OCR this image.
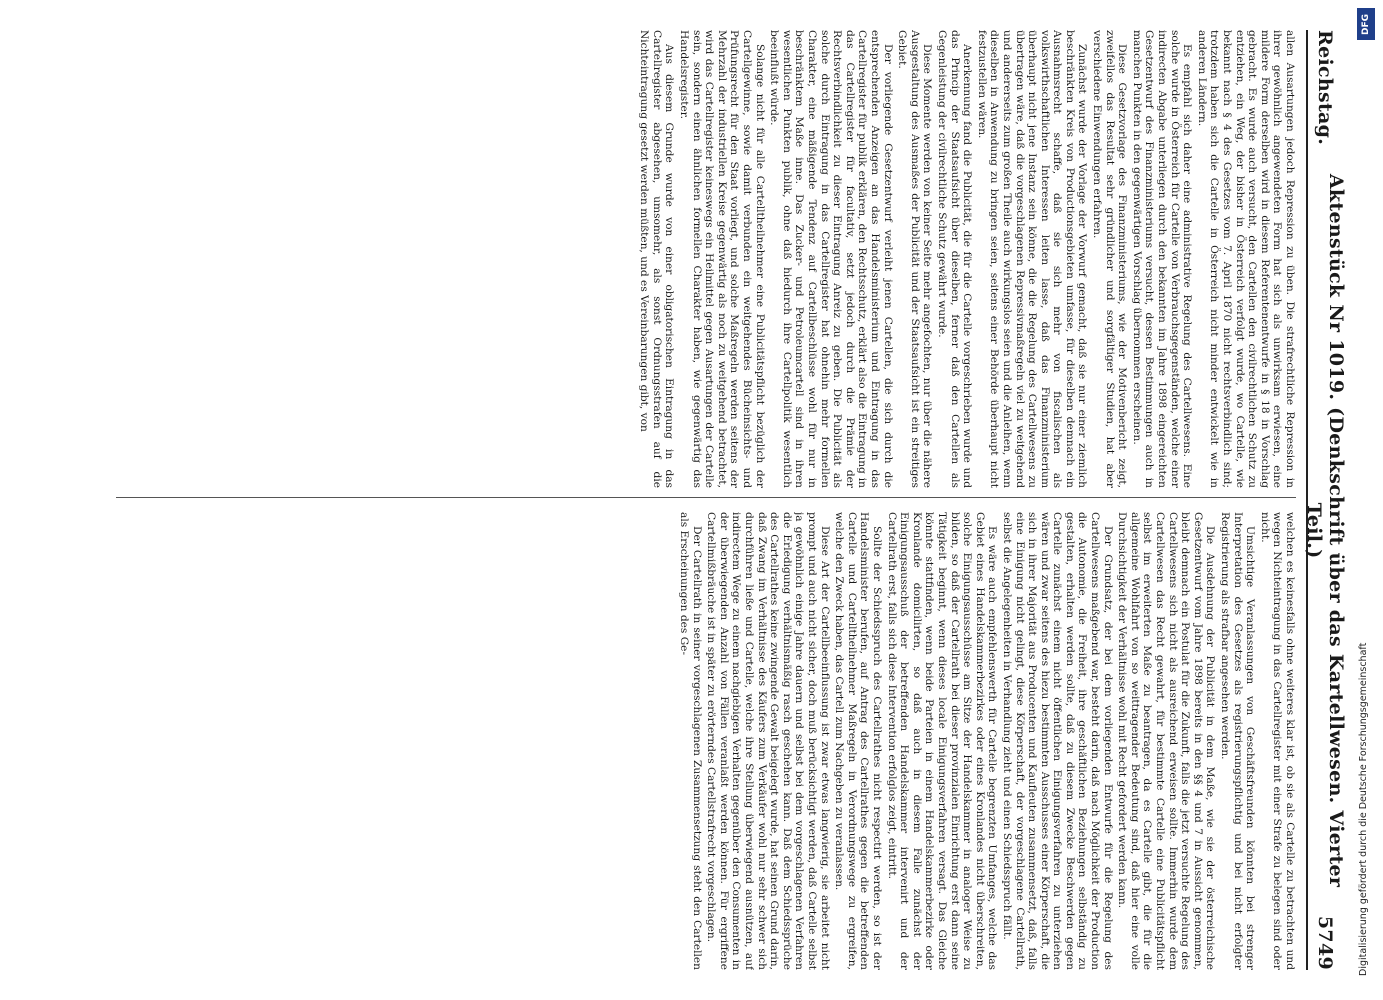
Reichstag.
Aktenstück Nr 1019. (Denkschrift über das Kartellwesen. Vierter Teil.)
5749

allen Ausartungen jedoch Repression zu üben. Die strafrechtliche Repression in ihrer gewöhnlich angewendeten Form hat sich als unwirksam erwiesen, eine mildere Form derselben wird in diesem Referentenentwurfe in § 18 in Vorschlag gebracht. Es wurde auch versucht, den Cartellen den civilrechtlichen Schutz zu entziehen, ein Weg, der bisher in Österreich verfolgt wurde, wo Cartelle, wie bekannt nach § 4 des Gesetzes vom 7. April 1870 nicht rechtsverbindlich sind; trotzdem haben sich die Cartelle in Österreich nicht minder entwickelt wie in anderen Ländern.

Es empfahl sich daher eine administrative Regelung des Cartellwesens. Eine solche wurde in Österreich für Cartelle von Verbrauchsgegenständen, welche einer indirecten Abgabe unterliegen durch den bekannten im Jahre 1898 eingereichten Gesetzentwurf des Finanzministeriums versucht, dessen Bestimmungen auch in manchen Punkten in den gegenwärtigen Vorschlag übernommen erscheinen.

Diese Gesetzvorlage des Finanzministeriums, wie der Motivenbericht zeigt, zweifellos das Resultat sehr gründlicher und sorgfältiger Studien, hat aber verschiedene Einwendungen erfahren.

Zunächst wurde der Vorlage der Vorwurf gemacht, daß sie nur einer ziemlich beschränkten Kreis von Productionsgebieten umfasse, für dieselben demnach ein Ausnahmsrecht schaffe, daß sie sich mehr von fiscalischen als volkswirthschaftlichen Interessen leiten lasse, daß das Finanzministerium überhaupt nicht jene Instanz sein könne, die die Regelung des Cartellwesens zu übertragen wäre, daß die vorgeschlagenen Repressivmaßregeln viel zu weitgehend und andererseits zum großen Theile auch wirkungslos seien und die Anleihen, wenn dieselben in Anwendung zu bringen seien, seitens einer Behörde überhaupt nicht festzustellen wären.

Anerkennung fand die Publicität, die für die Cartelle vorgeschrieben wurde und das Princip der Staatsaufsicht über dieselben, ferner daß den Cartellen als Gegenleistung der civilrechtliche Schutz gewährt wurde.

Diese Momente werden von keiner Seite mehr angefochten, nur über die nähere Ausgestaltung des Ausmaßes der Publicität und der Staatsaufsicht ist ein streitiges Gebiet.

Der vorliegende Gesetzentwurf verleiht jenen Cartellen, die sich durch die entsprechenden Anzeigen an das Handelsministerium und Eintragung in das Cartellregister für publik erklären, den Rechtsschutz, erklärt also die Eintragung in das Cartellregister für facultativ, setzt jedoch durch die Prämie der Rechtsverbindlichkeit zu dieser Eintragung Anreiz zu geben. Die Publicität als solche durch Eintragung in das Cartellregister hat ohnehin mehr formellen Charakter, eine mäßigende Tendenz auf Cartellbeschlüsse wohl für nur in beschränktem Maße inne. Das Zucker- und Petroleumcartell sind in ihren wesentlichen Punkten publik, ohne daß hiedurch ihre Cartellpolitik wesentlich beeinflußt würde.

Solange nicht für alle Cartelltheilnehmer eine Publicitätspflicht bezüglich der Cartellgewinne, sowie damit verbunden ein weitgehendes Bücheinsichts- und Prüfungsrecht für den Staat vorliegt, und solche Maßregeln werden seitens der Mehrzahl der industriellen Kreise gegenwärtig als noch zu weitgehend betrachtet, wird das Cartellregister keineswegs ein Heilmittel gegen Ausartungen der Cartelle sein, sondern einen ähnlichen formellen Charakter haben, wie gegenwärtig das Handelsregister.

Aus diesem Grunde wurde von einer obligatorischen Eintragung in das Cartellregister abgesehen, umsomehr, als sonst Ordnungsstrafen auf die Nichteintragung gesetzt werden müßten, und es Vereinbarungen gibt, von

welchen es keinesfalls ohne weiteres klar ist, ob sie als Cartelle zu betrachten und wegen Nichteintragung in das Cartellregister mit einer Strafe zu belegen sind oder nicht.

Umsichtige Veranlassungen von Geschäftsfreunden könnten bei strenger Interpretation des Gesetzes als registrierungspflichtig und bei nicht erfolgter Registrierung als strafbar angesehen werden.

Die Ausdehnung der Publicität in dem Maße, wie sie der österreichische Gesetzentwurf vom Jahre 1898 bereits in den §§ 4 und 7 in Aussicht genommen, bleibt demnach ein Postulat für die Zukunft, falls die jetzt versuchte Regelung des Cartellwesens sich nicht als ausreichend erweisen sollte. Immerhin wurde dem Cartellwesen das Recht gewahrt, für bestimmte Cartelle eine Publicitätspflicht selbst im erweiterten Maße zu beantragen, da es Cartelle gibt, die für die allgemeine Wohlfahrt von so weittragender Bedeutung sind, daß hier eine volle Durchsichtigkeit der Verhältnisse wohl mit Recht gefordert werden kann.

Der Grundsatz, der bei dem vorliegenden Entwurfe für die Regelung des Cartellwesens maßgebend war, besteht darin, daß nach Möglichkeit der Production die Autonomie, die Freiheit, ihre geschäftlichen Beziehungen selbständig zu gestalten, erhalten werden sollte, daß zu diesem Zwecke Beschwerden gegen Cartelle zunächst einem nicht öffentlichen Einigungsverfahren zu unterziehen wären und zwar seitens des hiezu bestimmten Ausschusses einer Körperschaft, die sich in ihrer Majorität aus Producenten und Kaufleuten zusammensetzt, daß, falls eine Einigung nicht gelingt, diese Körperschaft, der vorgeschlagene Cartellrath, selbst die Angelegenheiten in Verhandlung zieht und einen Schiedsspruch fällt.

Es wäre auch empfehlenswerth für Cartelle begrenzten Umfanges, welche das Gebiet eines Handelskammerbezirkes oder eines Kronlandes nicht überschreiten, solche Einigungsausschüsse am Sitze der Handelskammer in analoger Weise zu bilden, so daß der Cartellrath bei dieser provinzialen Einrichtung erst dann seine Tätigkeit beginnt, wenn dieses locale Einigungsverfahren versagt. Das Gleiche könnte stattfinden, wenn beide Parteien in einem Handelskammerbezirke oder Kronlande domicilirten, so daß auch in diesem Falle zunächst der Einigungsausschuß der betreffenden Handelskammer intervenirt und der Cartellrath erst, falls sich diese Intervention erfolglos zeigt, eintritt.

Sollte der Schiedsspruch des Cartellrathes nicht respectirt werden, so ist der Handelsminister berufen, auf Antrag des Cartellrathes gegen die betreffenden Cartelle und Cartelltheilnehmer Maßregeln in Verordnungswege zu ergreifen, welche den Zweck haben, das Cartell zum Nachgeben zu veranlassen.

Diese Art der Cartellbeeinflussung ist zwar etwas langwierig, sie arbeitet nicht prompt und auch nicht sicher, doch muß berücksichtigt werden, daß Cartelle selbst ja gewöhnlich einige Jahre dauern und selbst bei dem vorgeschlagenen Verfahren die Erledigung verhältnismäßig rasch geschehen kann. Daß dem Schiedssprüche des Cartellrathes keine zwingende Gewalt beigelegt wurde, hat seinen Grund darin, daß Zwang im Verhältnisse des Käufers zum Verkäufer wohl nur sehr schwer sich durchführen ließe und Cartelle, welche ihre Stellung überwiegend ausnützen, auf indirectem Wege zu einem nachgiebigen Verhalten gegenüber den Consumenten in der überwiegenden Anzahl von Fällen veranlaßt werden können. Für ergriffene Cartellmißbräuche ist in später zu erörterndes Cartellstrafrecht vorgeschlagen.

Der Cartellrath in seiner vorgeschlagenen Zusammensetzung steht den Cartellen als Erscheinungen des Ge-

DFG
Digitalisierung gefördert durch die Deutsche Forschungsgemeinschaft
